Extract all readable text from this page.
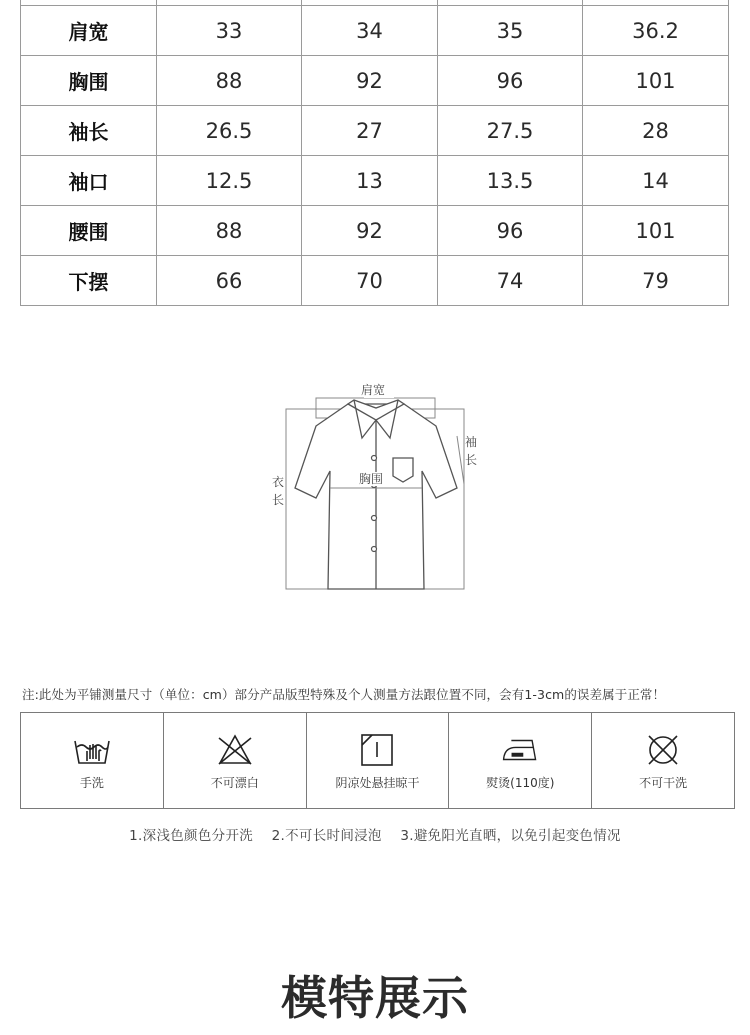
肩宽	33	34	35	36.2
胸围	88	92	96	101
袖长	26.5	27	27.5	28
袖口	12.5	13	13.5	14
腰围	88	92	96	101
下摆	66	70	74	79
肩宽
袖
长
胸围
衣
长
注:此处为平铺测量尺寸（单位：cm）部分产品版型特殊及个人测量方法跟位置不同，会有1-3cm的误差属于正常！
手洗	不可漂白	阴凉处悬挂晾干	熨烫(110度)	不可干洗
1.深浅色颜色分开洗 2.不可长时间浸泡 3.避免阳光直晒，以免引起变色情况
模特展示
